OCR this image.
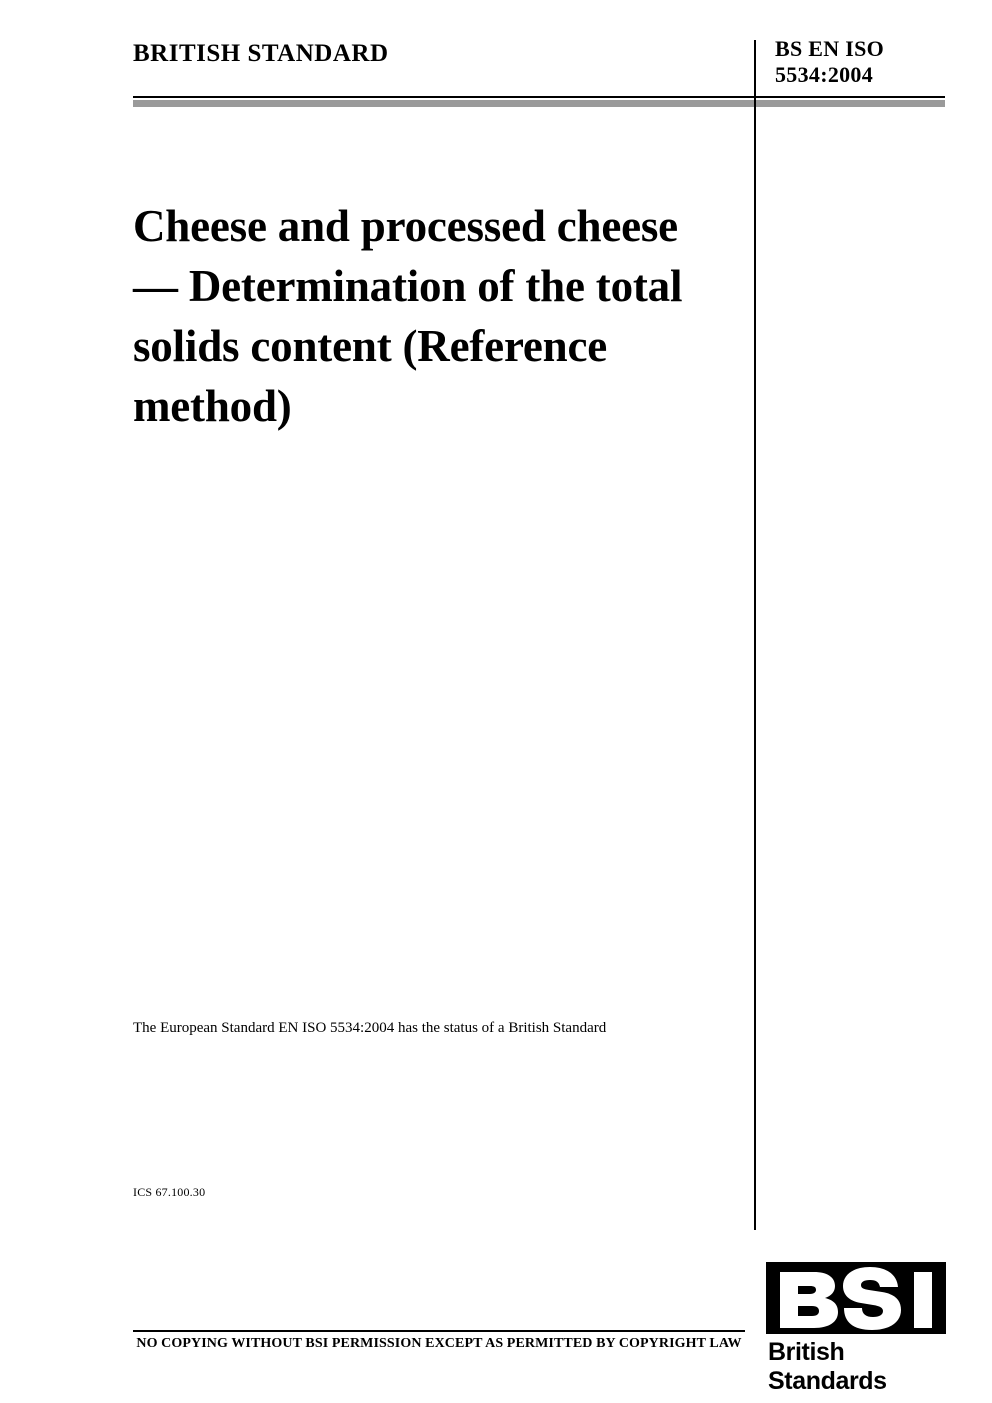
BRITISH STANDARD	BS EN ISO
5534:2004
Cheese and processed cheese — Determination of the total solids content (Reference method)
The European Standard EN ISO 5534:2004 has the status of a British Standard
ICS 67.100.30
NO COPYING WITHOUT BSI PERMISSION EXCEPT AS PERMITTED BY COPYRIGHT LAW British Standards
